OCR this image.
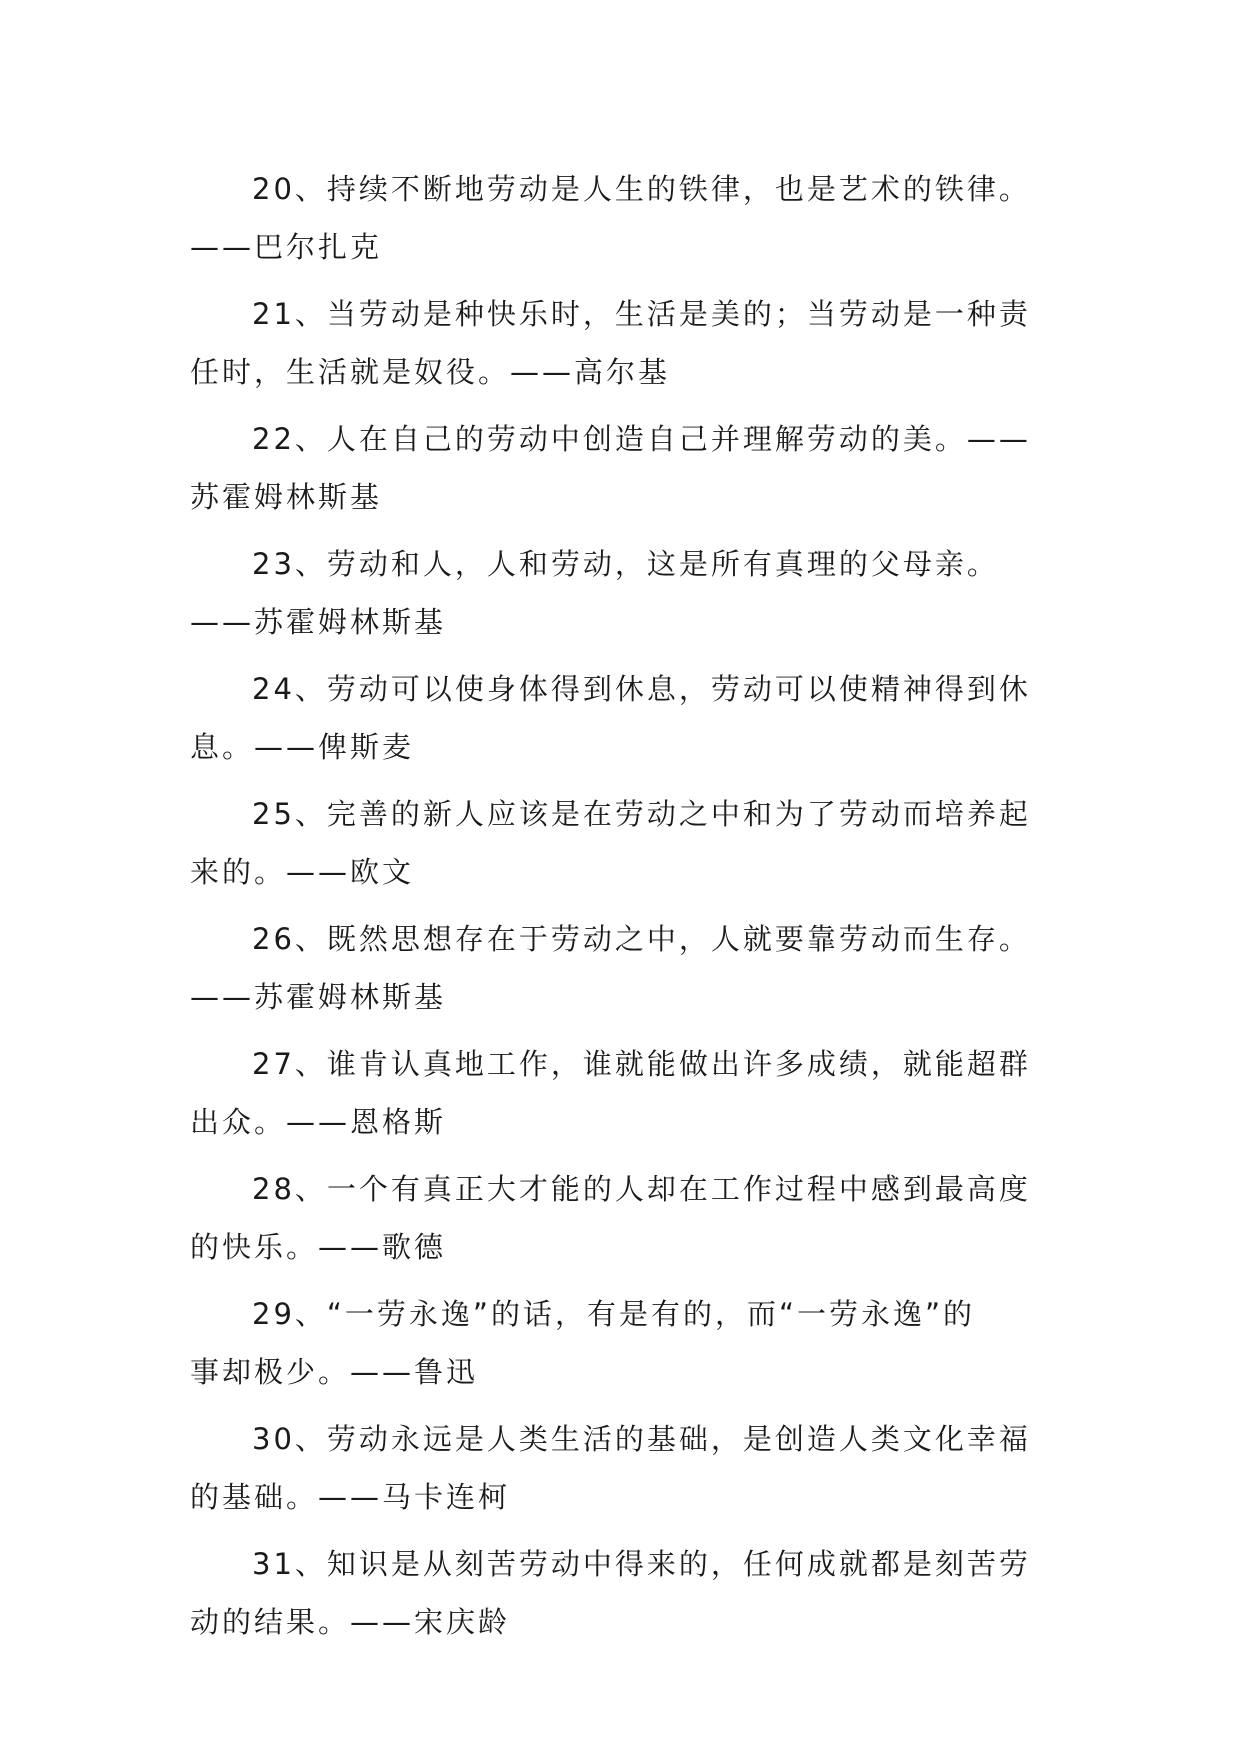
20、持续不断地劳动是人生的铁律，也是艺术的铁律。
——巴尔扎克

21、当劳动是种快乐时，生活是美的；当劳动是一种责
任时，生活就是奴役。——高尔基

22、人在自己的劳动中创造自己并理解劳动的美。——
苏霍姆林斯基

23、劳动和人，人和劳动，这是所有真理的父母亲。
——苏霍姆林斯基

24、劳动可以使身体得到休息，劳动可以使精神得到休
息。——俾斯麦

25、完善的新人应该是在劳动之中和为了劳动而培养起
来的。——欧文

26、既然思想存在于劳动之中，人就要靠劳动而生存。
——苏霍姆林斯基

27、谁肯认真地工作，谁就能做出许多成绩，就能超群
出众。——恩格斯

28、一个有真正大才能的人却在工作过程中感到最高度
的快乐。——歌德

29、“一劳永逸”的话，有是有的，而“一劳永逸”的
事却极少。——鲁迅

30、劳动永远是人类生活的基础，是创造人类文化幸福
的基础。——马卡连柯

31、知识是从刻苦劳动中得来的，任何成就都是刻苦劳
动的结果。——宋庆龄
